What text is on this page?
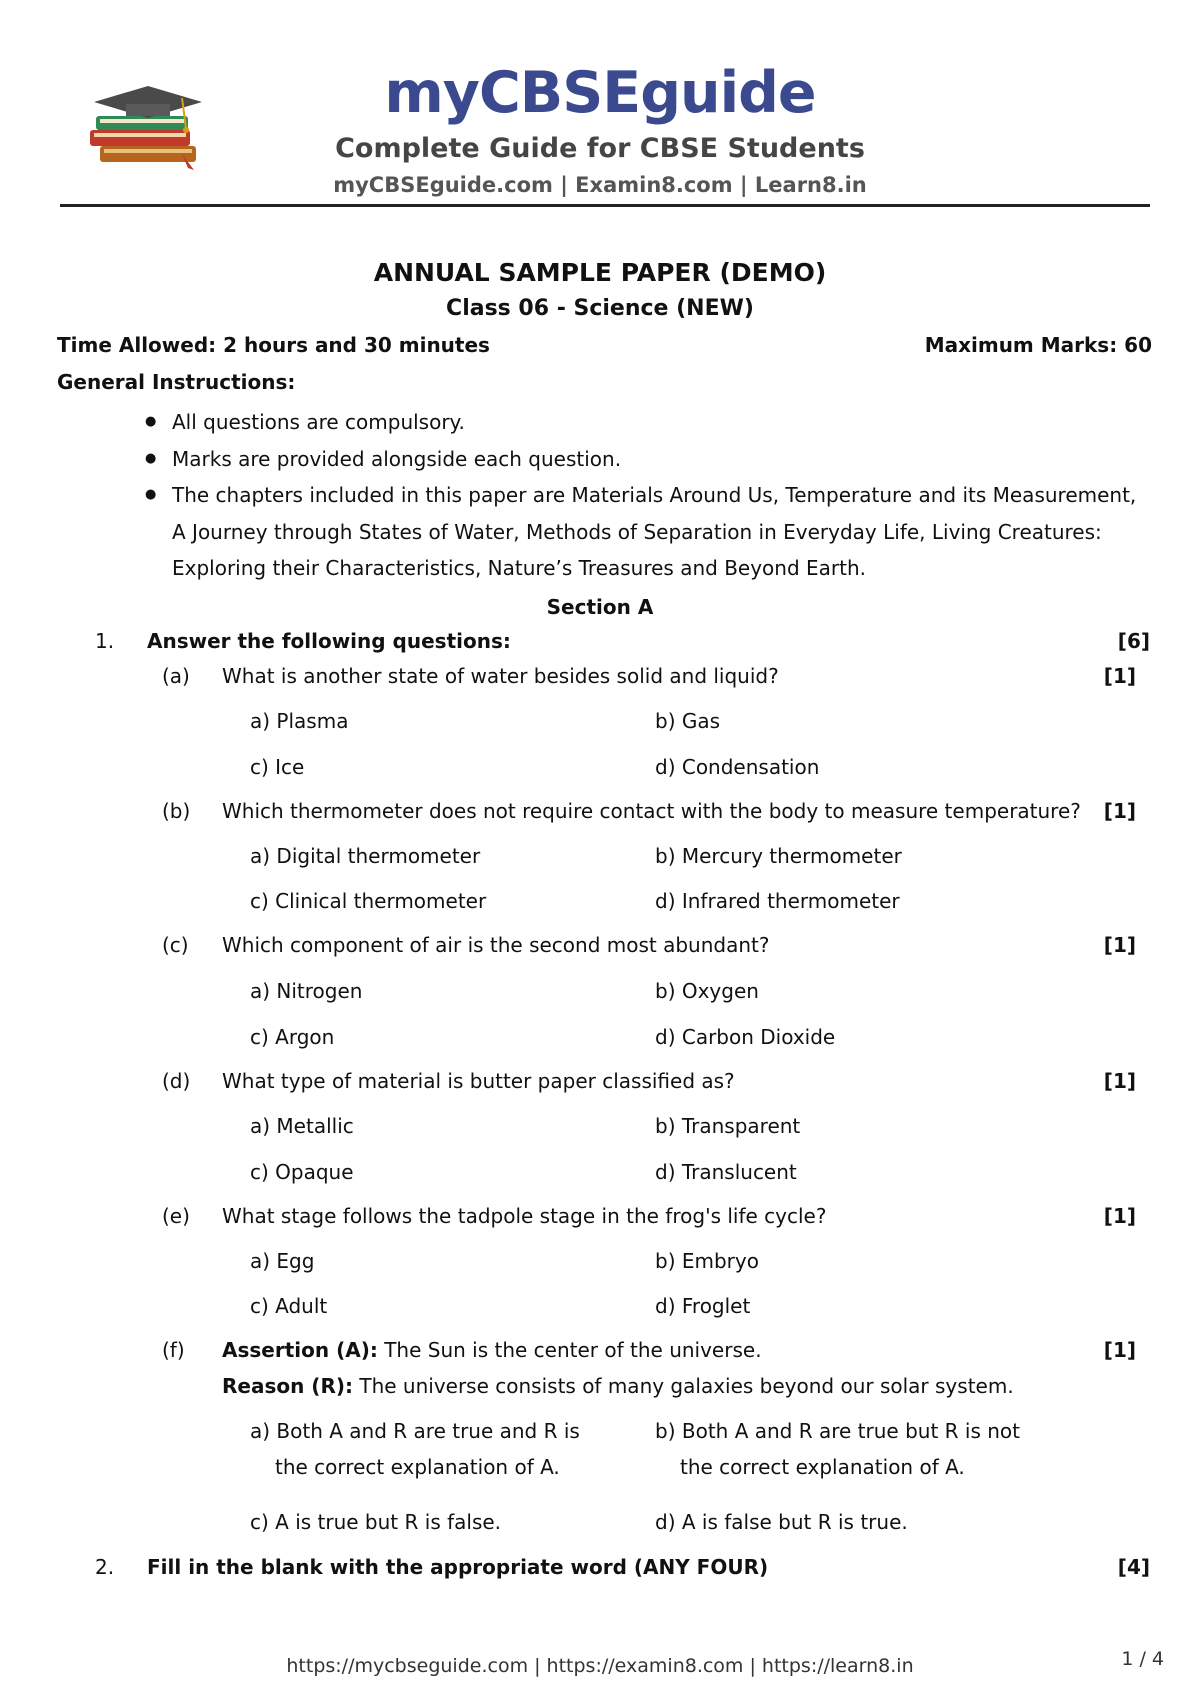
myCBSEguide
Complete Guide for CBSE Students
myCBSEguide.com | Examin8.com | Learn8.in
ANNUAL SAMPLE PAPER (DEMO)
Class 06 - Science (NEW)
Time Allowed: 2 hours and 30 minutes	Maximum Marks: 60
General Instructions:
● All questions are compulsory.
● Marks are provided alongside each question.
● The chapters included in this paper are Materials Around Us, Temperature and its Measurement, A Journey through States of Water, Methods of Separation in Everyday Life, Living Creatures: Exploring their Characteristics, Nature’s Treasures and Beyond Earth.
Section A
1. Answer the following questions:	[6]
(a) What is another state of water besides solid and liquid?	[1]
a) Plasma	b) Gas
c) Ice	d) Condensation
(b) Which thermometer does not require contact with the body to measure temperature?	[1]
a) Digital thermometer	b) Mercury thermometer
c) Clinical thermometer	d) Infrared thermometer
(c) Which component of air is the second most abundant?	[1]
a) Nitrogen	b) Oxygen
c) Argon	d) Carbon Dioxide
(d) What type of material is butter paper classified as?	[1]
a) Metallic	b) Transparent
c) Opaque	d) Translucent
(e) What stage follows the tadpole stage in the frog's life cycle?	[1]
a) Egg	b) Embryo
c) Adult	d) Froglet
(f) Assertion (A): The Sun is the center of the universe.	[1]
Reason (R): The universe consists of many galaxies beyond our solar system.
a) Both A and R are true and R is the correct explanation of A.
b) Both A and R are true but R is not the correct explanation of A.
c) A is true but R is false.	d) A is false but R is true.
2. Fill in the blank with the appropriate word (ANY FOUR)	[4]
https://mycbseguide.com | https://examin8.com | https://learn8.in	1 / 4
